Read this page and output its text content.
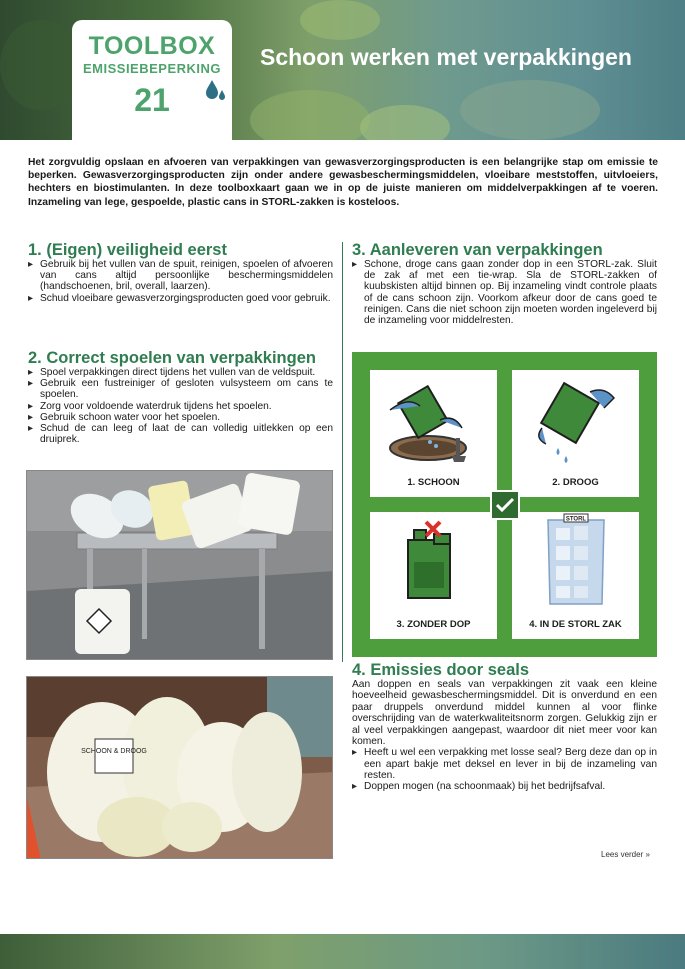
TOOLBOX
EMISSIEBEPERKING
21
Schoon werken met verpakkingen

Het zorgvuldig opslaan en afvoeren van verpakkingen van gewasverzorgingsproducten is een belangrijke stap om emissie te beperken. Gewasverzorgingsproducten zijn onder andere gewasbeschermingsmiddelen, vloeibare meststoffen, uitvloeiers, hechters en biostimulanten. In deze toolboxkaart gaan we in op de juiste manieren om middelverpakkingen af te voeren. Inzameling van lege, gespoelde, plastic cans in STORL-zakken is kosteloos.

1. (Eigen) veiligheid eerst
▸ Gebruik bij het vullen van de spuit, reinigen, spoelen of afvoeren van cans altijd persoonlijke beschermingsmiddelen (handschoenen, bril, overall, laarzen).
▸ Schud vloeibare gewasverzorgingsproducten goed voor gebruik.
2. Correct spoelen van verpakkingen
▸ Spoel verpakkingen direct tijdens het vullen van de veldspuit.
▸ Gebruik een fustreiniger of gesloten vulsysteem om cans te spoelen.
▸ Zorg voor voldoende waterdruk tijdens het spoelen.
▸ Gebruik schoon water voor het spoelen.
▸ Schud de can leeg of laat de can volledig uitlekken op een druiprek.
SCHOON & DROOG
3. Aanleveren van verpakkingen
▸ Schone, droge cans gaan zonder dop in een STORL-zak. Sluit de zak af met een tie-wrap. Sla de STORL-zakken of kuubskisten altijd binnen op. Bij inzameling vindt controle plaats of de cans schoon zijn. Voorkom afkeur door de cans goed te reinigen. Cans die niet schoon zijn moeten worden ingeleverd bij de inzameling voor middelresten.
1. SCHOON	2. DROOG
3. ZONDER DOP
STORL
4. IN DE STORL ZAK
4. Emissies door seals

Aan doppen en seals van verpakkingen zit vaak een kleine hoeveelheid gewasbeschermingsmiddel. Dit is onverdund en een paar druppels onverdund middel kunnen al voor flinke overschrijding van de waterkwaliteitsnorm zorgen. Gelukkig zijn er al veel verpakkingen aangepast, waardoor dit niet meer voor kan komen.

▸ Heeft u wel een verpakking met losse seal? Berg deze dan op in een apart bakje met deksel en lever in bij de inzameling van resten.
▸ Doppen mogen (na schoonmaak) bij het bedrijfsafval.
Lees verder »
